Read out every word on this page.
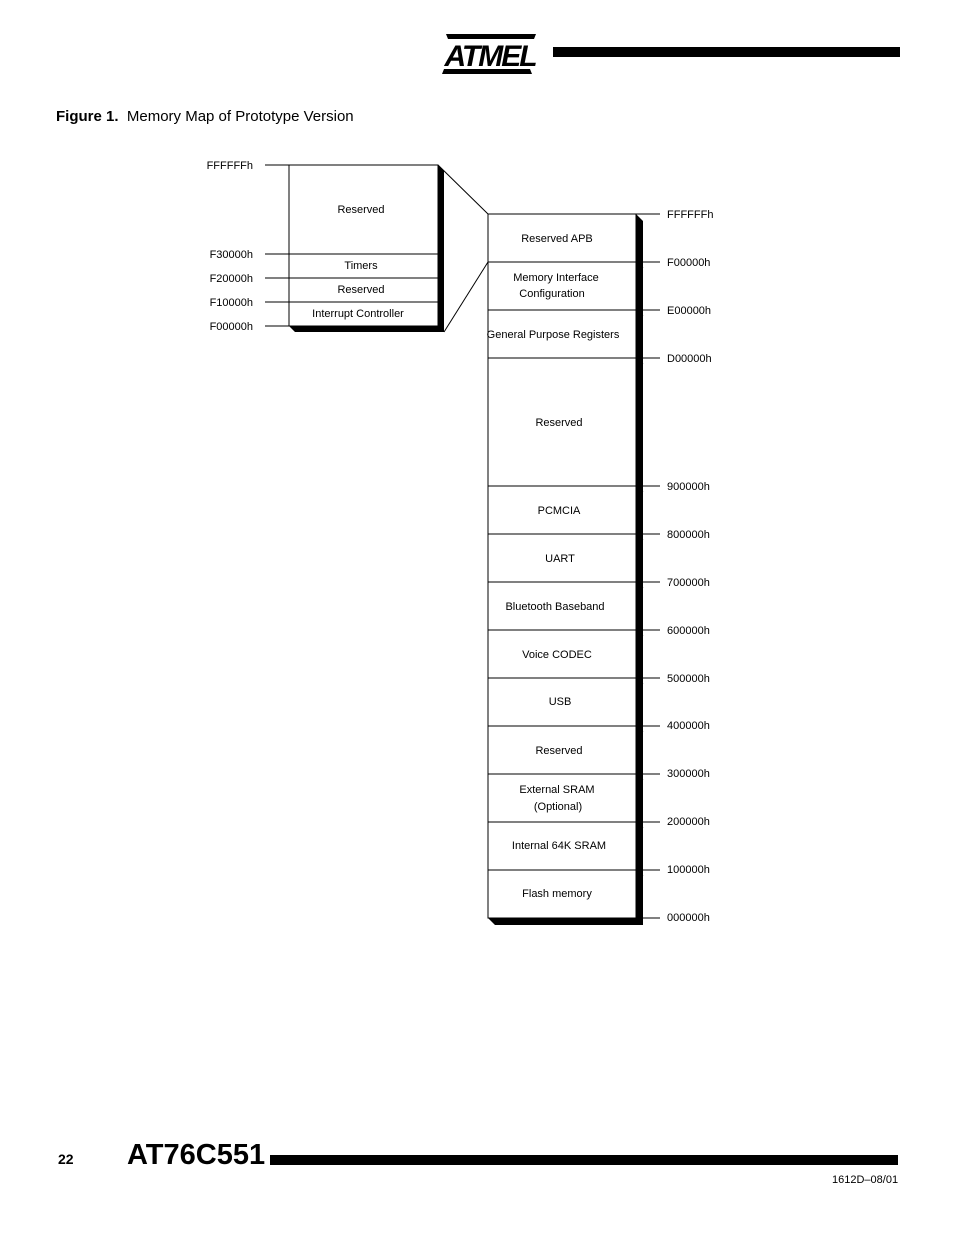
ATMEL
Figure 1. Memory Map of Prototype Version
Reserved
Timers
Reserved
Interrupt Controller
FFFFFFh
F30000h
F20000h
F10000h
F00000h
Reserved APB
Memory Interface
Configuration
General Purpose Registers
Reserved
PCMCIA
UART
Bluetooth Baseband
Voice CODEC
USB
Reserved
External SRAM
(Optional)
Internal 64K SRAM
Flash memory
FFFFFFh
F00000h
E00000h
D00000h
900000h
800000h
700000h
600000h
500000h
400000h
300000h
200000h
100000h
000000h
22 AT76C551
1612D–08/01
